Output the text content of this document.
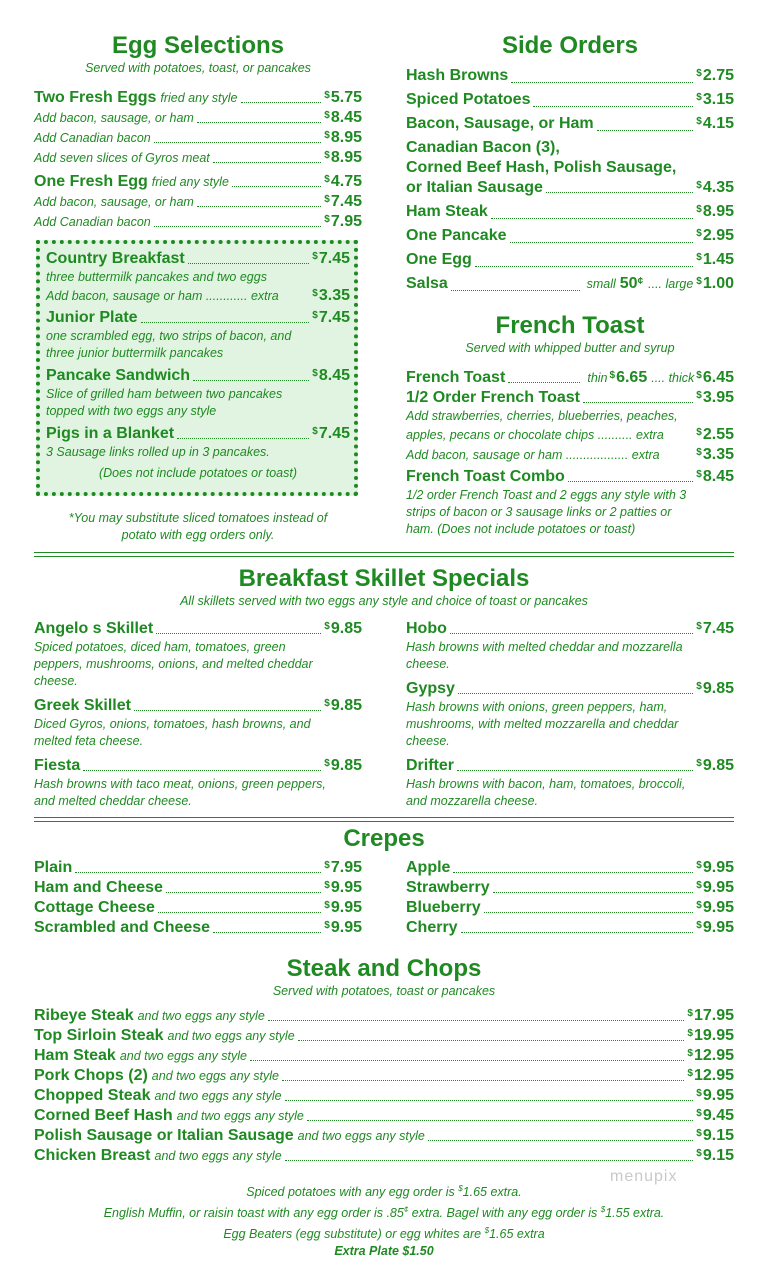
Egg Selections
Served with potatoes, toast, or pancakes
Two Fresh Eggs fried any style	$5.75
Add bacon, sausage, or ham	$8.45
Add Canadian bacon	$8.95
Add seven slices of Gyros meat	$8.95
One Fresh Egg fried any style	$4.75
Add bacon, sausage, or ham	$7.45
Add Canadian bacon	$7.95
Country Breakfast	$7.45
three buttermilk pancakes and two eggs
Add bacon, sausage or ham ............ extra	$3.35
Junior Plate	$7.45
one scrambled egg, two strips of bacon, and
three junior buttermilk pancakes
Pancake Sandwich	$8.45
Slice of grilled ham between two pancakes
topped with two eggs any style
Pigs in a Blanket	$7.45
3 Sausage links rolled up in 3 pancakes.
(Does not include potatoes or toast)
*You may substitute sliced tomatoes instead of
potato with egg orders only.
Side Orders
Hash Browns	$2.75
Spiced Potatoes	$3.15
Bacon, Sausage, or Ham	$4.15
Canadian Bacon (3),
Corned Beef Hash, Polish Sausage,
or Italian Sausage	$4.35
Ham Steak	$8.95
One Pancake	$2.95
One Egg	$1.45
Salsa	small 50¢ .... large $1.00
French Toast
Served with whipped butter and syrup
French Toast	thin $6.65 .... thick $6.45
1/2 Order French Toast	$3.95
Add strawberries, cherries, blueberries, peaches,
apples, pecans or chocolate chips .......... extra	$2.55
Add bacon, sausage or ham .................. extra	$3.35
French Toast Combo	$8.45
1/2 order French Toast and 2 eggs any style with 3
strips of bacon or 3 sausage links or 2 patties or
ham. (Does not include potatoes or toast)
Breakfast Skillet Specials
All skillets served with two eggs any style and choice of toast or pancakes
Angelo s Skillet	$9.85
Spiced potatoes, diced ham, tomatoes, green
peppers, mushrooms, onions, and melted cheddar
cheese.
Greek Skillet	$9.85
Diced Gyros, onions, tomatoes, hash browns, and
melted feta cheese.
Fiesta	$9.85
Hash browns with taco meat, onions, green peppers,
and melted cheddar cheese.
Hobo	$7.45
Hash browns with melted cheddar and mozzarella
cheese.
Gypsy	$9.85
Hash browns with onions, green peppers, ham,
mushrooms, with melted mozzarella and cheddar
cheese.
Drifter	$9.85
Hash browns with bacon, ham, tomatoes, broccoli,
and mozzarella cheese.
Crepes
Plain	$7.95
Ham and Cheese	$9.95
Cottage Cheese	$9.95
Scrambled and Cheese	$9.95
Apple	$9.95
Strawberry	$9.95
Blueberry	$9.95
Cherry	$9.95
Steak and Chops
Served with potatoes, toast or pancakes
Ribeye Steak and two eggs any style	$17.95
Top Sirloin Steak and two eggs any style	$19.95
Ham Steak and two eggs any style	$12.95
Pork Chops (2) and two eggs any style	$12.95
Chopped Steak and two eggs any style	$9.95
Corned Beef Hash and two eggs any style	$9.45
Polish Sausage or Italian Sausage and two eggs any style	$9.15
Chicken Breast and two eggs any style	$9.15
Spiced potatoes with any egg order is $1.65 extra.
English Muffin, or raisin toast with any egg order is .85¢ extra. Bagel with any egg order is $1.55 extra.
Egg Beaters (egg substitute) or egg whites are $1.65 extra
Extra Plate $1.50
menupix
